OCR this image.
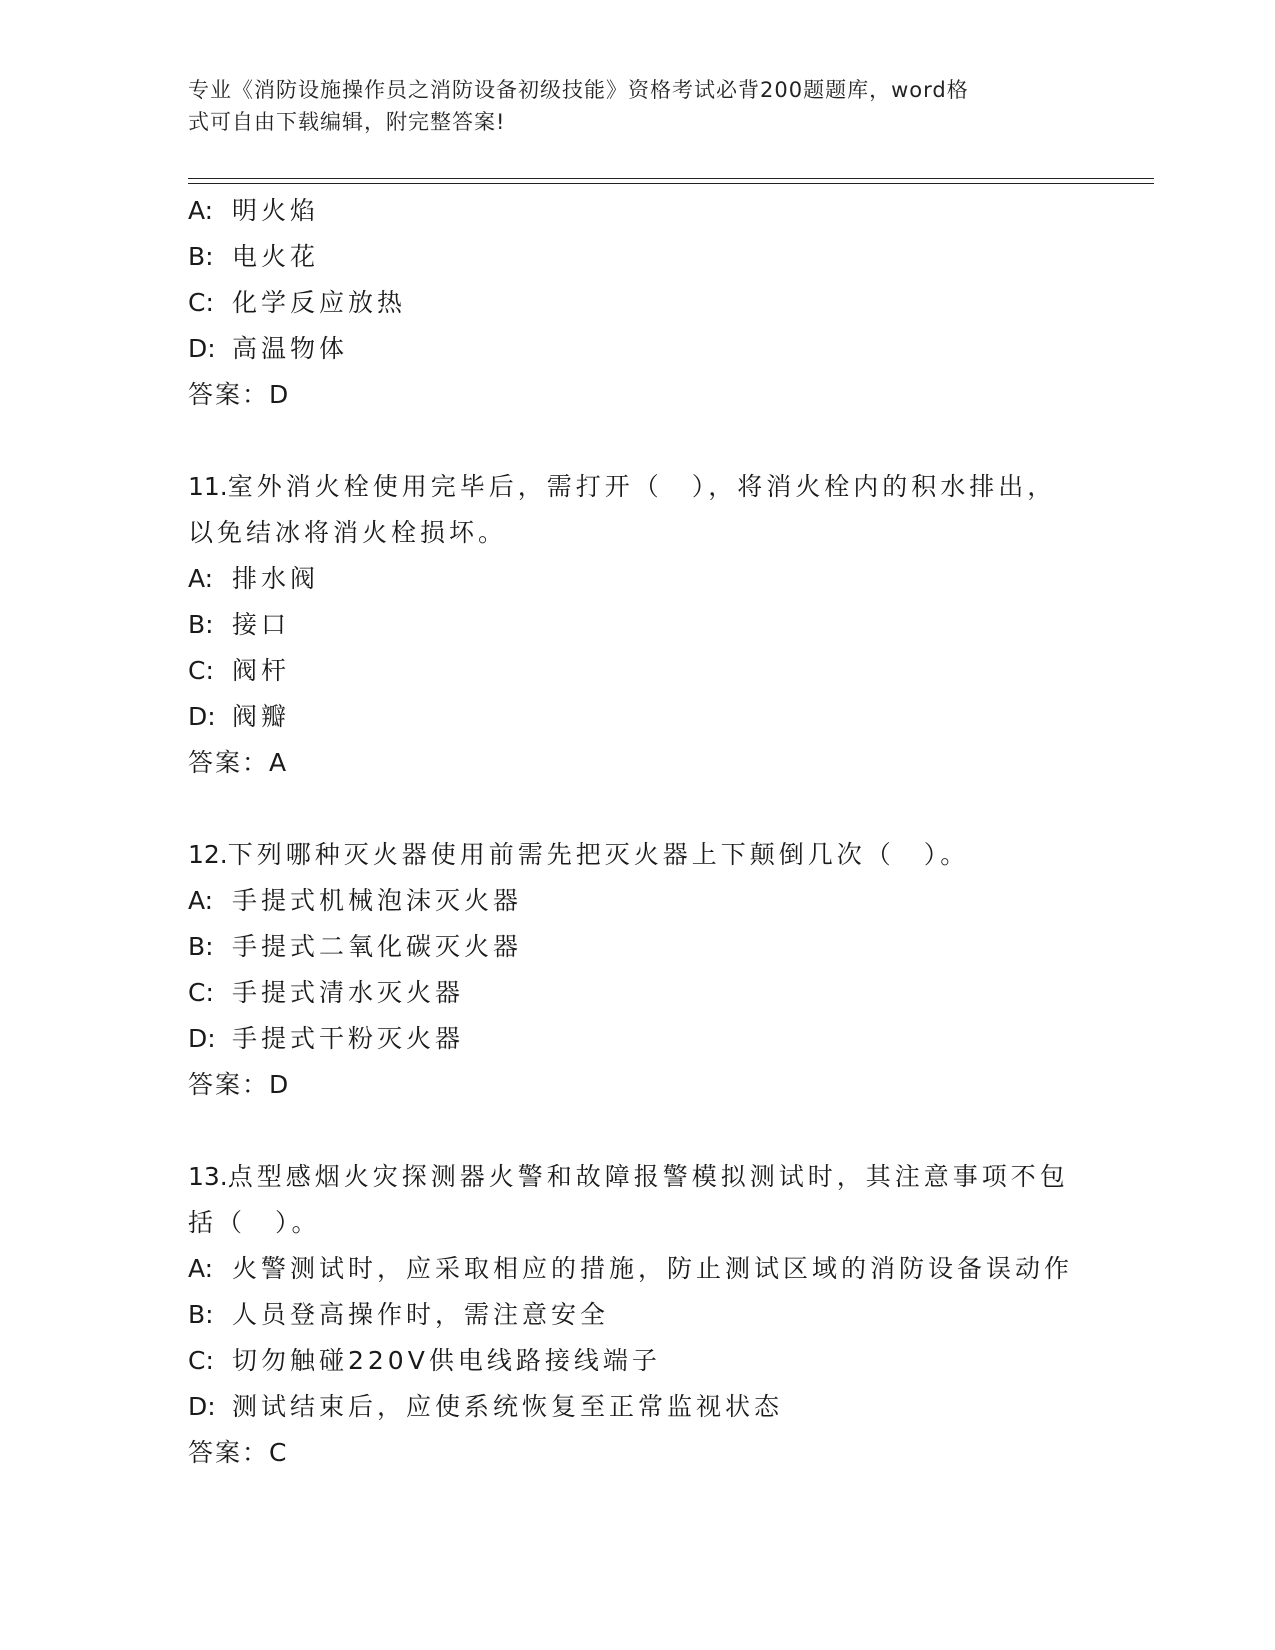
专业《消防设施操作员之消防设备初级技能》资格考试必背200题题库，word格
式可自由下载编辑，附完整答案!
A: 明火焰
B: 电火花
C: 化学反应放热
D: 高温物体
答案：D
11.室外消火栓使用完毕后，需打开（　），将消火栓内的积水排出，
以免结冰将消火栓损坏。
A: 排水阀
B: 接口
C: 阀杆
D: 阀瓣
答案：A
12.下列哪种灭火器使用前需先把灭火器上下颠倒几次（　）。
A: 手提式机械泡沫灭火器
B: 手提式二氧化碳灭火器
C: 手提式清水灭火器
D: 手提式干粉灭火器
答案：D
13.点型感烟火灾探测器火警和故障报警模拟测试时，其注意事项不包
括（　）。
A: 火警测试时，应采取相应的措施，防止测试区域的消防设备误动作
B: 人员登高操作时，需注意安全
C: 切勿触碰220V供电线路接线端子
D: 测试结束后，应使系统恢复至正常监视状态
答案：C
